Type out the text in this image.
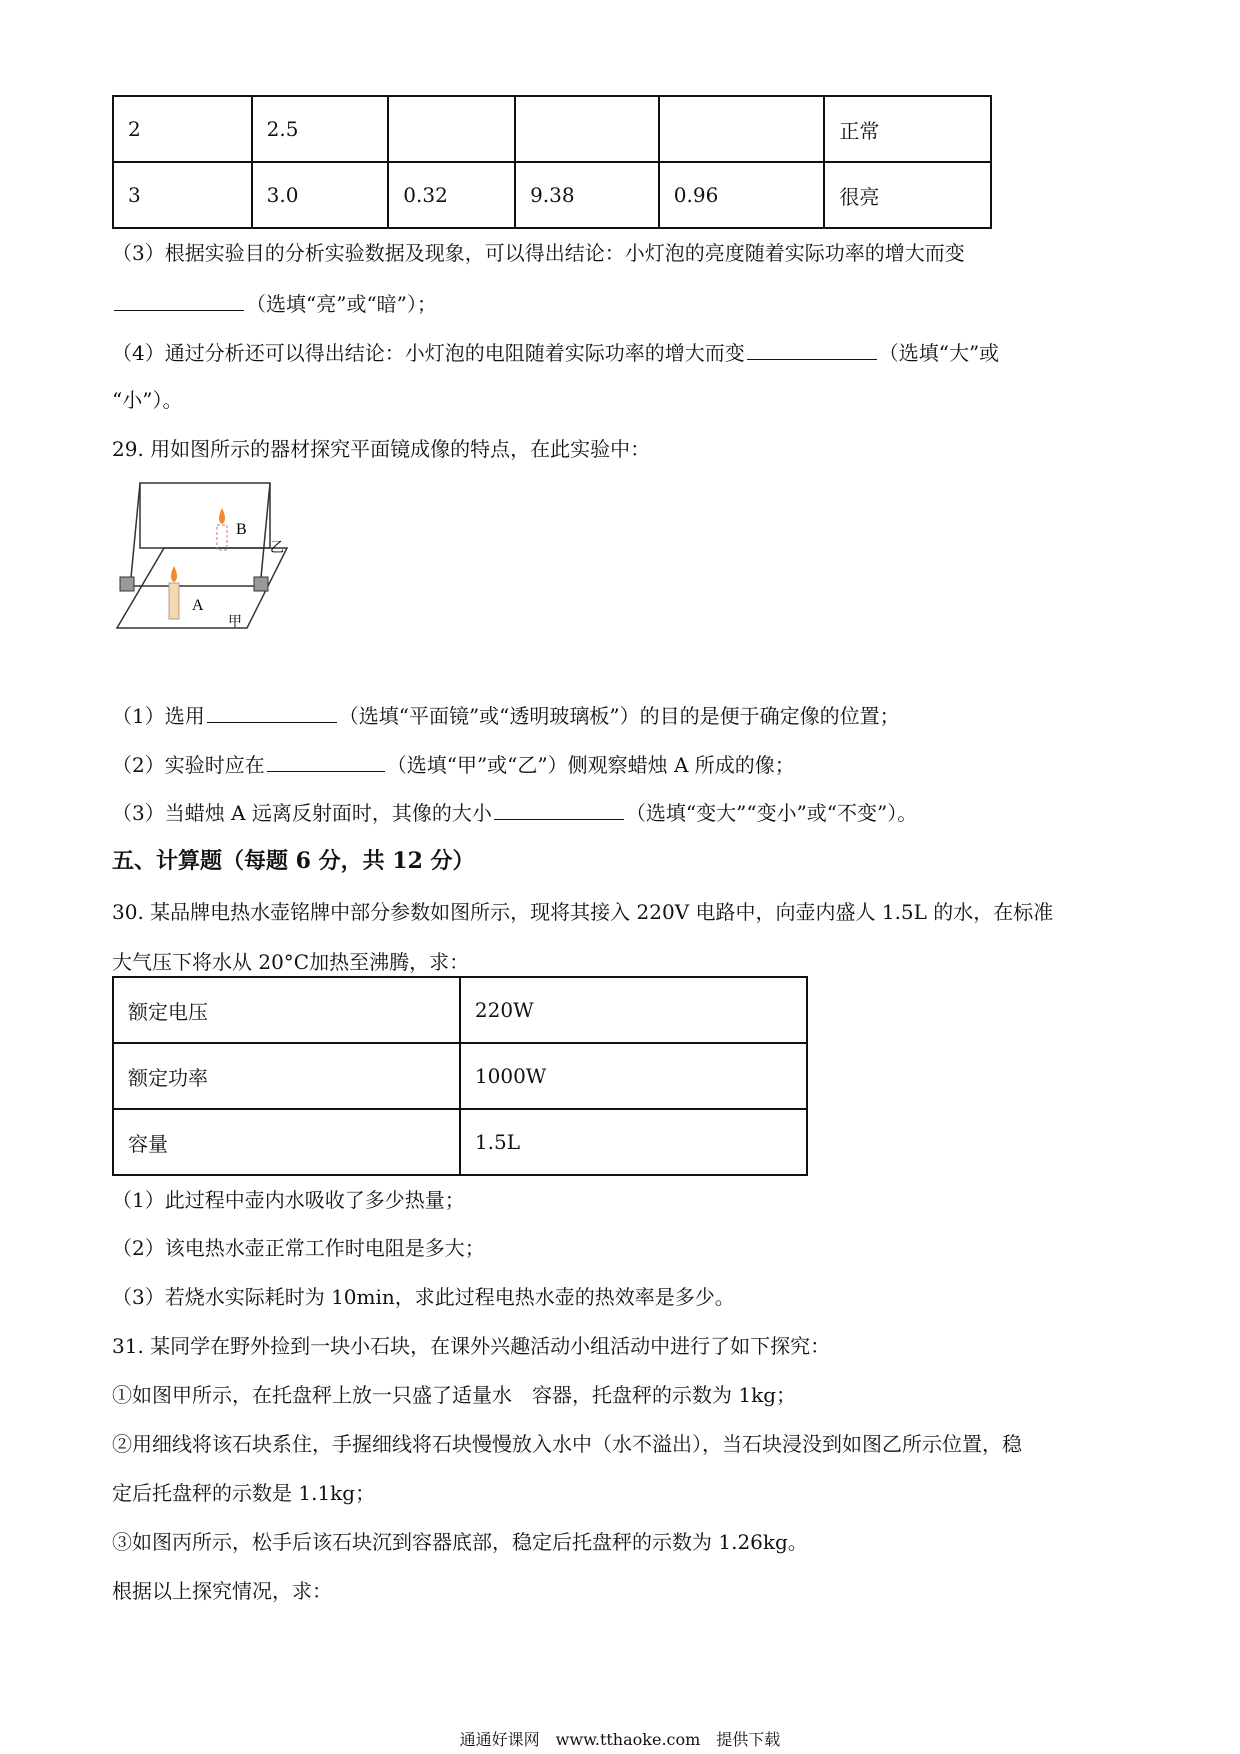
2	2.5				正常
3	3.0	0.32	9.38	0.96	很亮
（3）根据实验目的分析实验数据及现象，可以得出结论：小灯泡的亮度随着实际功率的增大而变
（选填“亮”或“暗”）；
（4）通过分析还可以得出结论：小灯泡的电阻随着实际功率的增大而变	（选填“大”或
“小”）。
29. 用如图所示的器材探究平面镜成像的特点，在此实验中：
B
A
乙
甲
（1）选用	（选填“平面镜”或“透明玻璃板”）的目的是便于确定像的位置；
（2）实验时应在	（选填“甲”或“乙”）侧观察蜡烛 A 所成的像；
（3）当蜡烛 A 远离反射面时，其像的大小	（选填“变大”“变小”或“不变”）。
五、计算题（每题 6 分，共 12 分）
30. 某品牌电热水壶铭牌中部分参数如图所示，现将其接入 220V 电路中，向壶内盛人 1.5L 的水，在标准
大气压下将水从 20°C加热至沸腾，求：
额定电压	220W
额定功率	1000W
容量	1.5L
（1）此过程中壶内水吸收了多少热量；
（2）该电热水壶正常工作时电阻是多大；
（3）若烧水实际耗时为 10min，求此过程电热水壶的热效率是多少。
31. 某同学在野外捡到一块小石块，在课外兴趣活动小组活动中进行了如下探究：
①如图甲所示，在托盘秤上放一只盛了适量水　容器，托盘秤的示数为 1kg；
②用细线将该石块系住，手握细线将石块慢慢放入水中（水不溢出），当石块浸没到如图乙所示位置，稳
定后托盘秤的示数是 1.1kg；
③如图丙所示，松手后该石块沉到容器底部，稳定后托盘秤的示数为 1.26kg。
根据以上探究情况，求：
通通好课网　www.tthaoke.com　提供下载
